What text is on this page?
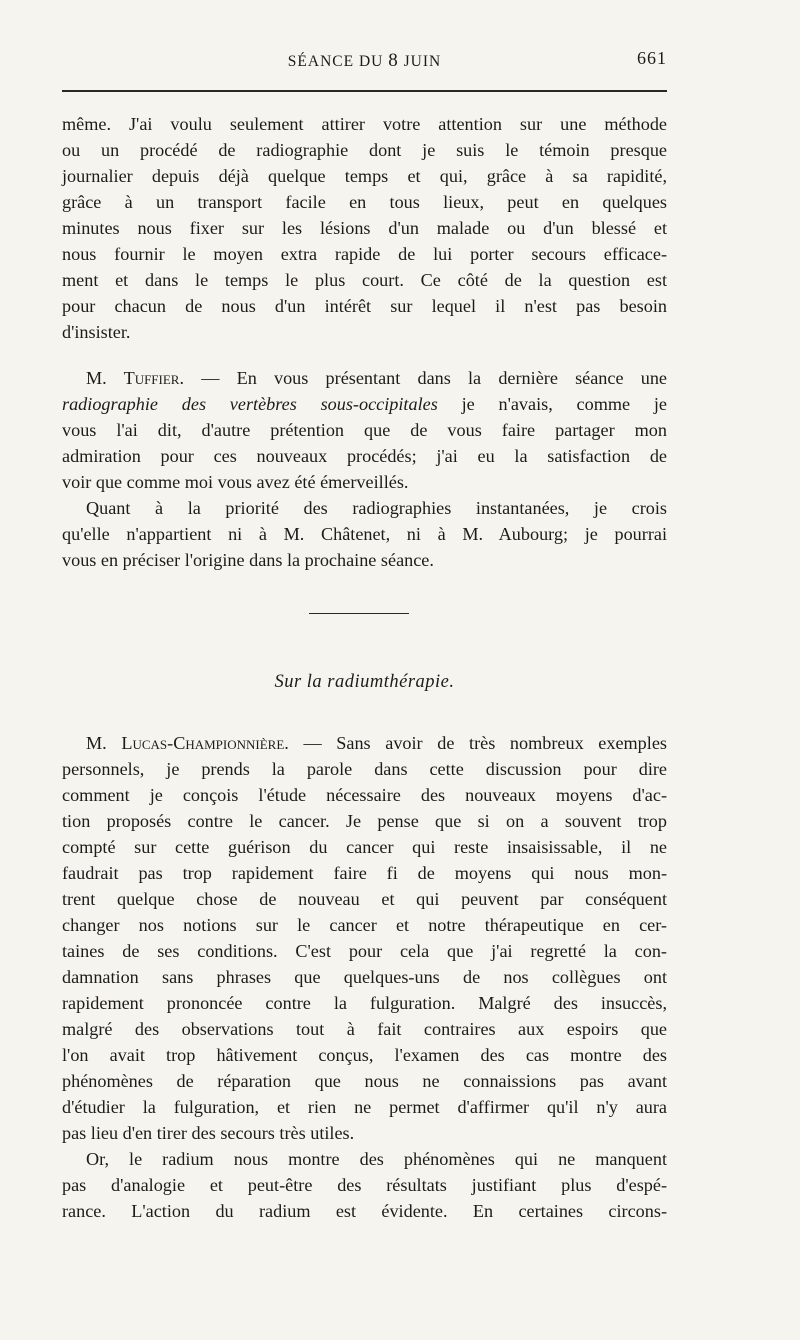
SÉANCE DU 8 JUIN	661
même. J'ai voulu seulement attirer votre attention sur une méthode
ou un procédé de radiographie dont je suis le témoin presque
journalier depuis déjà quelque temps et qui, grâce à sa rapidité,
grâce à un transport facile en tous lieux, peut en quelques
minutes nous fixer sur les lésions d'un malade ou d'un blessé et
nous fournir le moyen extra rapide de lui porter secours efficace-
ment et dans le temps le plus court. Ce côté de la question est
pour chacun de nous d'un intérêt sur lequel il n'est pas besoin
d'insister.
M. Tuffier. — En vous présentant dans la dernière séance une
radiographie des vertèbres sous-occipitales je n'avais, comme je
vous l'ai dit, d'autre prétention que de vous faire partager mon
admiration pour ces nouveaux procédés; j'ai eu la satisfaction de
voir que comme moi vous avez été émerveillés.
Quant à la priorité des radiographies instantanées, je crois
qu'elle n'appartient ni à M. Châtenet, ni à M. Aubourg; je pourrai
vous en préciser l'origine dans la prochaine séance.
Sur la radiumthérapie.
M. Lucas-Championnière. — Sans avoir de très nombreux exemples
personnels, je prends la parole dans cette discussion pour dire
comment je conçois l'étude nécessaire des nouveaux moyens d'ac-
tion proposés contre le cancer. Je pense que si on a souvent trop
compté sur cette guérison du cancer qui reste insaisissable, il ne
faudrait pas trop rapidement faire fi de moyens qui nous mon-
trent quelque chose de nouveau et qui peuvent par conséquent
changer nos notions sur le cancer et notre thérapeutique en cer-
taines de ses conditions. C'est pour cela que j'ai regretté la con-
damnation sans phrases que quelques-uns de nos collègues ont
rapidement prononcée contre la fulguration. Malgré des insuccès,
malgré des observations tout à fait contraires aux espoirs que
l'on avait trop hâtivement conçus, l'examen des cas montre des
phénomènes de réparation que nous ne connaissions pas avant
d'étudier la fulguration, et rien ne permet d'affirmer qu'il n'y aura
pas lieu d'en tirer des secours très utiles.
Or, le radium nous montre des phénomènes qui ne manquent
pas d'analogie et peut-être des résultats justifiant plus d'espé-
rance. L'action du radium est évidente. En certaines circons-
